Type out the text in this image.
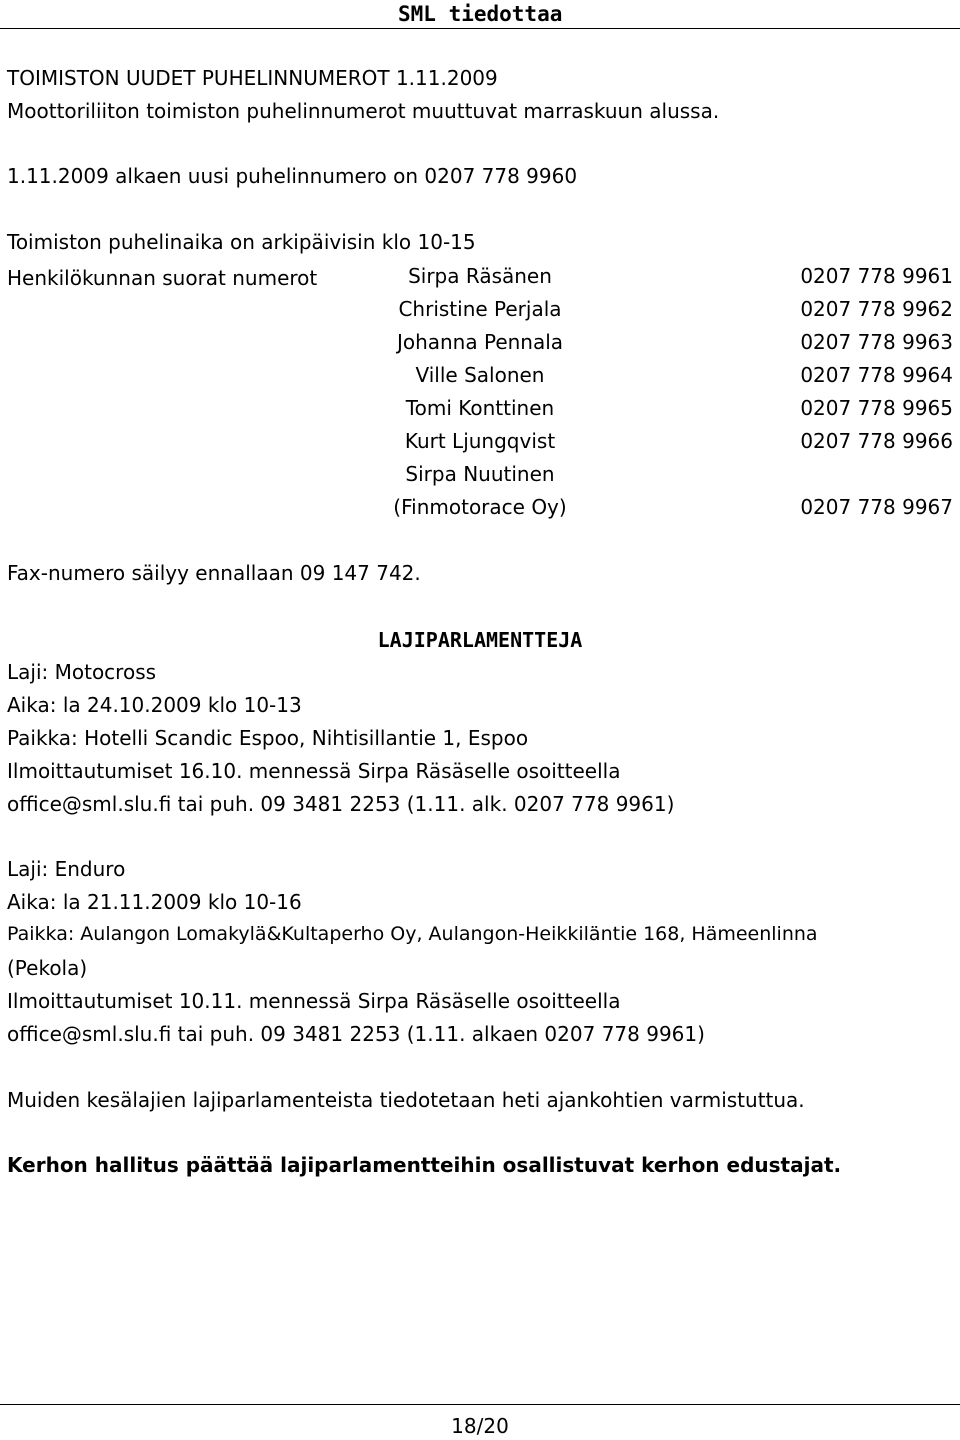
SML tiedottaa
TOIMISTON UUDET PUHELINNUMEROT 1.11.2009
Moottoriliiton toimiston puhelinnumerot muuttuvat marraskuun alussa.
1.11.2009 alkaen uusi puhelinnumero on 0207 778 9960
Toimiston puhelinaika on arkipäivisin klo 10-15
Henkilökunnan suorat numerot	Sirpa Räsänen	0207 778 9961
Christine Perjala	0207 778 9962
Johanna Pennala	0207 778 9963
Ville Salonen	0207 778 9964
Tomi Konttinen	0207 778 9965
Kurt Ljungqvist	0207 778 9966
Sirpa Nuutinen
(Finmotorace Oy)	0207 778 9967
Fax-numero säilyy ennallaan 09 147 742.
LAJIPARLAMENTTEJA
Laji: Motocross
Aika: la 24.10.2009 klo 10-13
Paikka: Hotelli Scandic Espoo, Nihtisillantie 1, Espoo
Ilmoittautumiset 16.10. mennessä Sirpa Räsäselle osoitteella
office@sml.slu.fi tai puh. 09 3481 2253 (1.11. alk. 0207 778 9961)
Laji: Enduro
Aika: la 21.11.2009 klo 10-16
Paikka: Aulangon Lomakylä&Kultaperho Oy, Aulangon-Heikkiläntie 168, Hämeenlinna
(Pekola)
Ilmoittautumiset 10.11. mennessä Sirpa Räsäselle osoitteella
office@sml.slu.fi tai puh. 09 3481 2253 (1.11. alkaen 0207 778 9961)
Muiden kesälajien lajiparlamenteista tiedotetaan heti ajankohtien varmistuttua.
Kerhon hallitus päättää lajiparlamentteihin osallistuvat kerhon edustajat.
18/20
